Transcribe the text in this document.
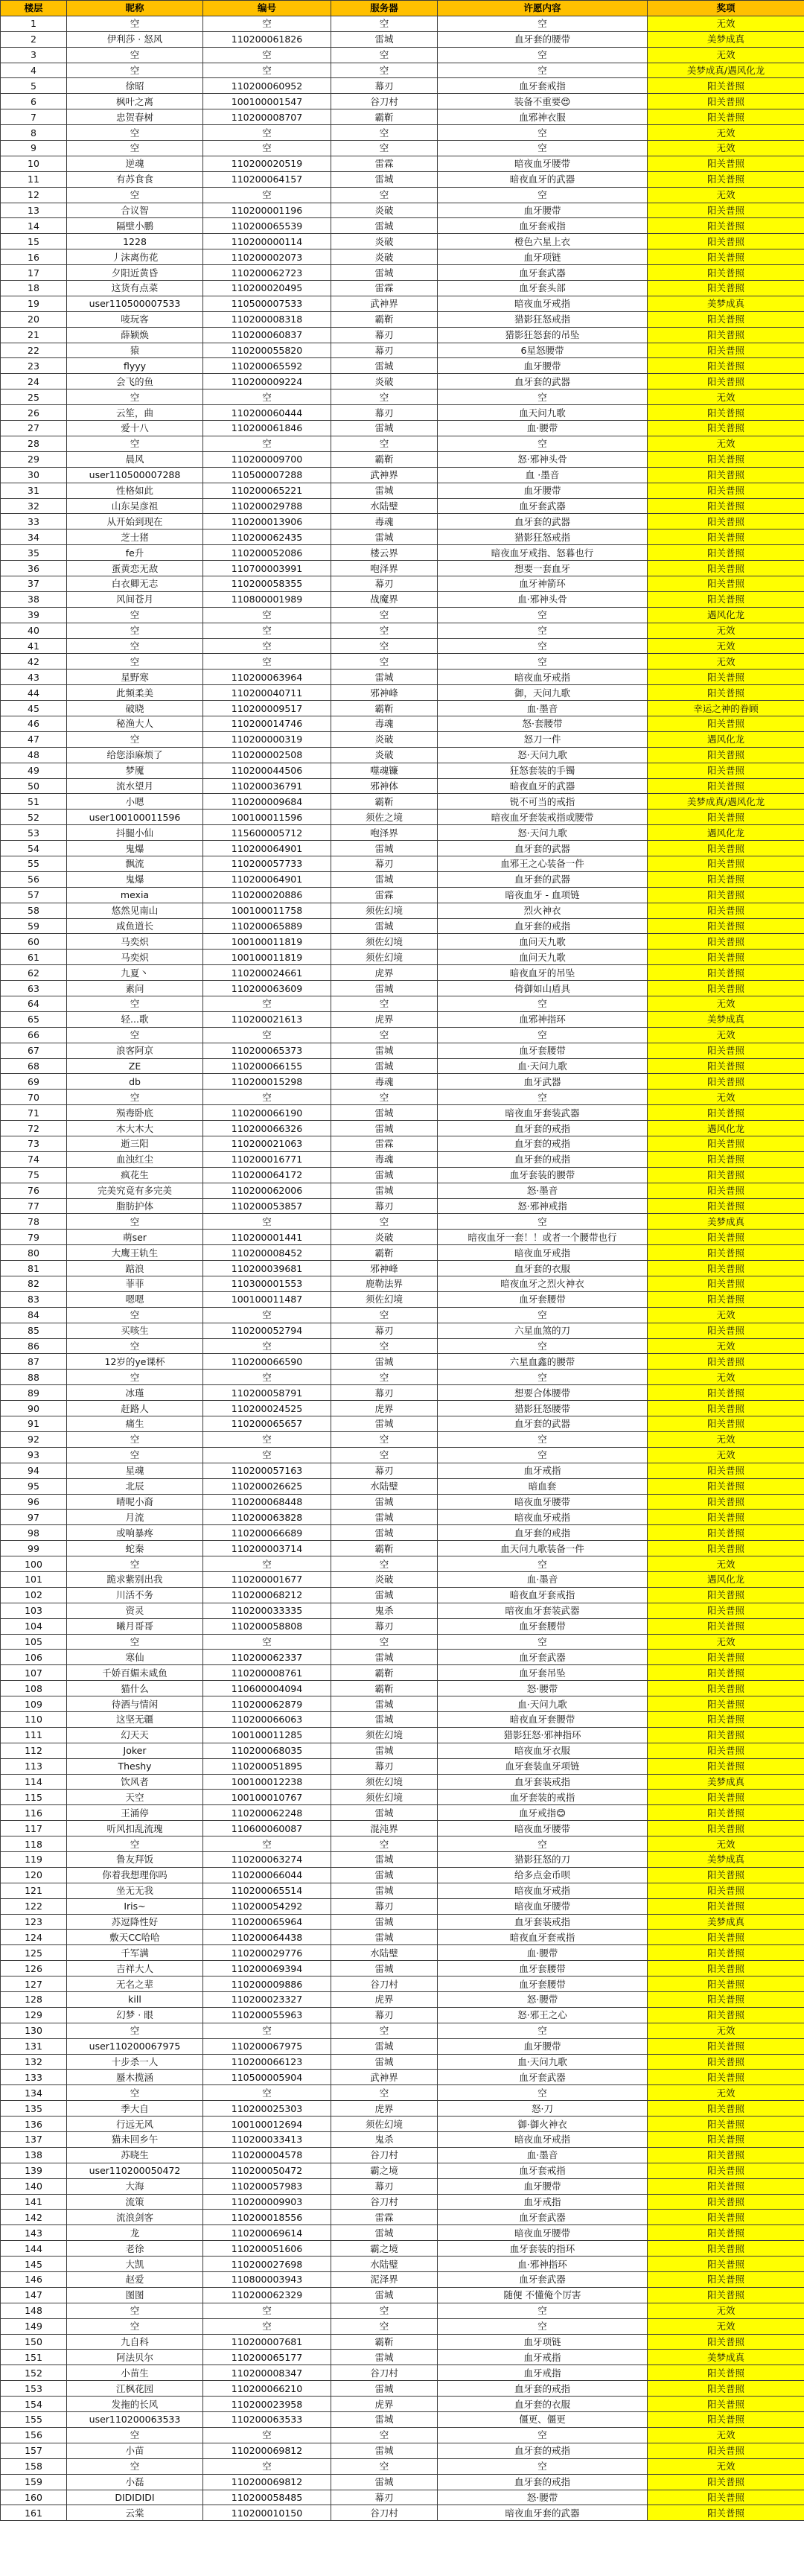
楼层	昵称	编号	服务器	许愿内容	奖项
1	空	空	空	空	无效
2	伊利莎 · 怒风	110200061826	雷城	血牙套的腰带	美梦成真
3	空	空	空	空	无效
4	空	空	空	空	美梦成真/遇风化龙
5	徐昭	110200060952	幕刃	血牙套戒指	阳关普照
6	枫叶之离	100100001547	谷刀村	装备不重要😍	阳关普照
7	忠贺春树	110200008707	霸靳	血邪神衣服	阳关普照
8	空	空	空	空	无效
9	空	空	空	空	无效
10	逆魂	110200020519	雷霖	暗夜血牙腰带	阳关普照
11	有苏食食	110200064157	雷城	暗夜血牙的武器	阳关普照
12	空	空	空	空	无效
13	合议智	110200001196	炎破	血牙腰带	阳关普照
14	隔壁小鹏	110200065539	雷城	血牙套戒指	阳关普照
15	1228	110200000114	炎破	橙色六星上衣	阳关普照
16	丿沫离伤花	110200002073	炎破	血牙项链	阳关普照
17	夕阳近黄昏	110200062723	雷城	血牙套武器	阳关普照
18	这货有点菜	110200020495	雷霖	血牙套头部	阳关普照
19	user110500007533	110500007533	武神界	暗夜血牙戒指	美梦成真
20	唛玩客	110200008318	霸靳	猎影狂怒戒指	阳关普照
21	薛颖焕	110200060837	幕刃	猎影狂怒套的吊坠	阳关普照
22	猿	110200055820	幕刃	6星怒腰带	阳关普照
23	flyyy	110200065592	雷城	血牙腰带	阳关普照
24	会飞的鱼	110200009224	炎破	血牙套的武器	阳关普照
25	空	空	空	空	无效
26	云笙，曲	110200060444	幕刃	血天问九歌	阳关普照
27	爱十八	110200061846	雷城	血·腰带	阳关普照
28	空	空	空	空	无效
29	晨风	110200009700	霸靳	怒·邪神头骨	阳关普照
30	user110500007288	110500007288	武神界	血 ·墨音	阳关普照
31	性格如此	110200065221	雷城	血牙腰带	阳关普照
32	山东吴彦祖	110200029788	水陆璧	血牙套武器	阳关普照
33	从开始到现在	110200013906	毒魂	血牙套的武器	阳关普照
34	芝士猪	110200062435	雷城	猎影狂怒戒指	阳关普照
35	fe升	110200052086	楼云界	暗夜血牙戒指、怒暮也行	阳关普照
36	蛋黄恋无敌	110700003991	咆泽界	想要一套血牙	阳关普照
37	白衣卿无志	110200058355	幕刃	血牙神箭环	阳关普照
38	风间苍月	110800001989	战魔界	血·邪神头骨	阳关普照
39	空	空	空	空	遇风化龙
40	空	空	空	空	无效
41	空	空	空	空	无效
42	空	空	空	空	无效
43	星野寒	110200063964	雷城	暗夜血牙戒指	阳关普照
44	此频柔美	110200040711	邪神峰	御，天问九歌	阳关普照
45	破晓	110200009517	霸靳	血·墨音	幸运之神的眷顾
46	秘渔大人	110200014746	毒魂	怒·套腰带	阳关普照
47	空	110200000319	炎破	怒刀一件	遇风化龙
48	给您添麻烦了	110200002508	炎破	怒·天问九歌	阳关普照
49	梦魇	110200044506	噬魂镰	狂怒套装的手镯	阳关普照
50	流水望月	110200036791	邪神体	暗夜血牙的武器	阳关普照
51	小嗯	110200009684	霸靳	锐不可当的戒指	美梦成真/遇风化龙
52	user100100011596	100100011596	须佐之境	暗夜血牙套装戒指或腰带	阳关普照
53	抖腿小仙	115600005712	咆泽界	怒·天问九歌	遇风化龙
54	鬼爆	110200064901	雷城	血牙套的武器	阳关普照
55	飘流	110200057733	幕刃	血邪王之心装备一件	阳关普照
56	鬼爆	110200064901	雷城	血牙套的武器	阳关普照
57	mexia	110200020886	雷霖	暗夜血牙 - 血项链	阳关普照
58	悠然见南山	100100011758	须佐幻境	烈火神衣	阳关普照
59	咸鱼道长	110200065889	雷城	血牙套的戒指	阳关普照
60	马奕炽	100100011819	须佐幻境	血问天九歌	阳关普照
61	马奕炽	100100011819	须佐幻境	血问天九歌	阳关普照
62	九夏丶	110200024661	虎界	暗夜血牙的吊坠	阳关普照
63	素问	110200063609	雷城	倚御如山盾具	阳关普照
64	空	空	空	空	无效
65	轻...歌	110200021613	虎界	血邪神指环	美梦成真
66	空	空	空	空	无效
67	浪客阿京	110200065373	雷城	血牙套腰带	阳关普照
68	ZE	110200066155	雷城	血·天问九歌	阳关普照
69	db	110200015298	毒魂	血牙武器	阳关普照
70	空	空	空	空	无效
71	殒毒卧底	110200066190	雷城	暗夜血牙套装武器	阳关普照
72	木大木大	110200066326	雷城	血牙套的戒指	遇风化龙
73	逝三阳	110200021063	雷霖	血牙套的戒指	阳关普照
74	血浊红尘	110200016771	毒魂	血牙套的戒指	阳关普照
75	疯花生	110200064172	雷城	血牙套装的腰带	阳关普照
76	完美究竟有多完美	110200062006	雷城	怒·墨音	阳关普照
77	脂肪护体	110200053857	幕刃	怒·邪神戒指	阳关普照
78	空	空	空	空	美梦成真
79	萌ser	110200001441	炎破	暗夜血牙一套！！或者一个腰带也行	阳关普照
80	大鹰王轨生	110200008452	霸靳	暗夜血牙戒指	阳关普照
81	踮浪	110200039681	邪神峰	血牙套的衣服	阳关普照
82	菲菲	110300001553	鹿勒法界	暗夜血牙之烈火神衣	阳关普照
83	嗯嗯	100100011487	须佐幻境	血牙套腰带	阳关普照
84	空	空	空	空	无效
85	买咳生	110200052794	幕刃	六星血煞的刀	阳关普照
86	空	空	空	空	无效
87	12岁的ye课杯	110200066590	雷城	六星血鑫的腰带	阳关普照
88	空	空	空	空	无效
89	冰瑾	110200058791	幕刃	想要合体腰带	阳关普照
90	赶路人	110200024525	虎界	猎影狂怒腰带	阳关普照
91	痛生	110200065657	雷城	血牙套的武器	阳关普照
92	空	空	空	空	无效
93	空	空	空	空	无效
94	星魂	110200057163	幕刃	血牙戒指	阳关普照
95	北辰	110200026625	水陆璧	暗血套	阳关普照
96	晴呢小裔	110200068448	雷城	暗夜血牙腰带	阳关普照
97	月流	110200063828	雷城	暗夜血牙戒指	阳关普照
98	或响暴疼	110200066689	雷城	血牙套的戒指	阳关普照
99	蛇秦	110200003714	霸靳	血天问九歌装备一件	阳关普照
100	空	空	空	空	无效
101	跪求紫别出我	110200001677	炎破	血·墨音	遇风化龙
102	川活不务	110200068212	雷城	暗夜血牙套戒指	阳关普照
103	资灵	110200033335	鬼杀	暗夜血牙套装武器	阳关普照
104	曦月哥哥	110200058808	幕刃	血牙套腰带	阳关普照
105	空	空	空	空	无效
106	寒仙	110200062337	雷城	血牙套武器	阳关普照
107	千娇百媚未咸鱼	110200008761	霸靳	血牙套吊坠	阳关普照
108	猫什么	110600004094	霸靳	怒·腰带	阳关普照
109	待酒与情闲	110200062879	雷城	血·天问九歌	阳关普照
110	这坚无疆	110200066063	雷城	暗夜血牙套腰带	阳关普照
111	幻天天	100100011285	须佐幻境	猎影狂怒·邪神指环	阳关普照
112	Joker	110200068035	雷城	暗夜血牙衣服	阳关普照
113	Theshy	110200051895	幕刃	血牙套装血牙项链	阳关普照
114	饮风者	100100012238	须佐幻境	血牙套装戒指	美梦成真
115	天空	100100010767	须佐幻境	血牙套装的戒指	阳关普照
116	王涌停	110200062248	雷城	血牙戒指😊	阳关普照
117	听风扣乱流瑰	110600060087	混沌界	暗夜血牙腰带	阳关普照
118	空	空	空	空	无效
119	鲁友拜饭	110200063274	雷城	猎影狂怒的刀	美梦成真
120	你着我想理你吗	110200066044	雷城	给多点金币呗	阳关普照
121	坐无无我	110200065514	雷城	暗夜血牙戒指	阳关普照
122	Iris~	110200054292	幕刃	暗夜血牙腰带	阳关普照
123	苏逗降性好	110200065964	雷城	血牙套装戒指	美梦成真
124	敷天CC哈哈	110200064438	雷城	暗夜血牙套戒指	阳关普照
125	千军满	110200029776	水陆璧	血·腰带	阳关普照
126	吉祥大人	110200069394	雷城	血牙套腰带	阳关普照
127	无名之辈	110200009886	谷刀村	血牙套腰带	阳关普照
128	kill	110200023327	虎界	怒·腰带	阳关普照
129	幻梦 · 眼	110200055963	幕刃	怒·邪王之心	阳关普照
130	空	空	空	空	无效
131	user110200067975	110200067975	雷城	血牙腰带	阳关普照
132	十步杀一人	110200066123	雷城	血·天问九歌	阳关普照
133	蜃木揽涵	110500005904	武神界	血牙套武器	阳关普照
134	空	空	空	空	无效
135	季大自	110200025303	虎界	怒·刀	阳关普照
136	行远无风	100100012694	须佐幻境	御·御火神衣	阳关普照
137	猫未回乡午	110200033413	鬼杀	暗夜血牙戒指	阳关普照
138	苏晓生	110200004578	谷刀村	血·墨音	阳关普照
139	user110200050472	110200050472	霸之境	血牙套戒指	阳关普照
140	大海	110200057983	幕刃	血牙腰带	阳关普照
141	流策	110200009903	谷刀村	血牙戒指	阳关普照
142	流浪剑客	110200018556	雷霖	血牙套武器	阳关普照
143	龙	110200069614	雷城	暗夜血牙腰带	阳关普照
144	老徐	110200051606	霸之境	血牙套装的指环	阳关普照
145	大凯	110200027698	水陆璧	血·邪神指环	阳关普照
146	赵爱	110800003943	泥泽界	血牙套武器	阳关普照
147	图图	110200062329	雷城	随便 不懂俺个厉害	阳关普照
148	空	空	空	空	无效
149	空	空	空	空	无效
150	九自科	110200007681	霸靳	血牙项链	阳关普照
151	阿法贝尔	110200065177	雷城	血牙戒指	美梦成真
152	小苗生	110200008347	谷刀村	血牙戒指	阳关普照
153	江枫花园	110200066210	雷城	血牙套的戒指	阳关普照
154	发拖的长风	110200023958	虎界	血牙套的衣服	阳关普照
155	user110200063533	110200063533	雷城	僵更、僵更	阳关普照
156	空	空	空	空	无效
157	小苗	110200069812	雷城	血牙套的戒指	阳关普照
158	空	空	空	空	无效
159	小磊	110200069812	雷城	血牙套的戒指	阳关普照
160	DIDIDIDI	110200058485	幕刃	怒·腰带	阳关普照
161	云棠	110200010150	谷刀村	暗夜血牙套的武器	阳关普照
